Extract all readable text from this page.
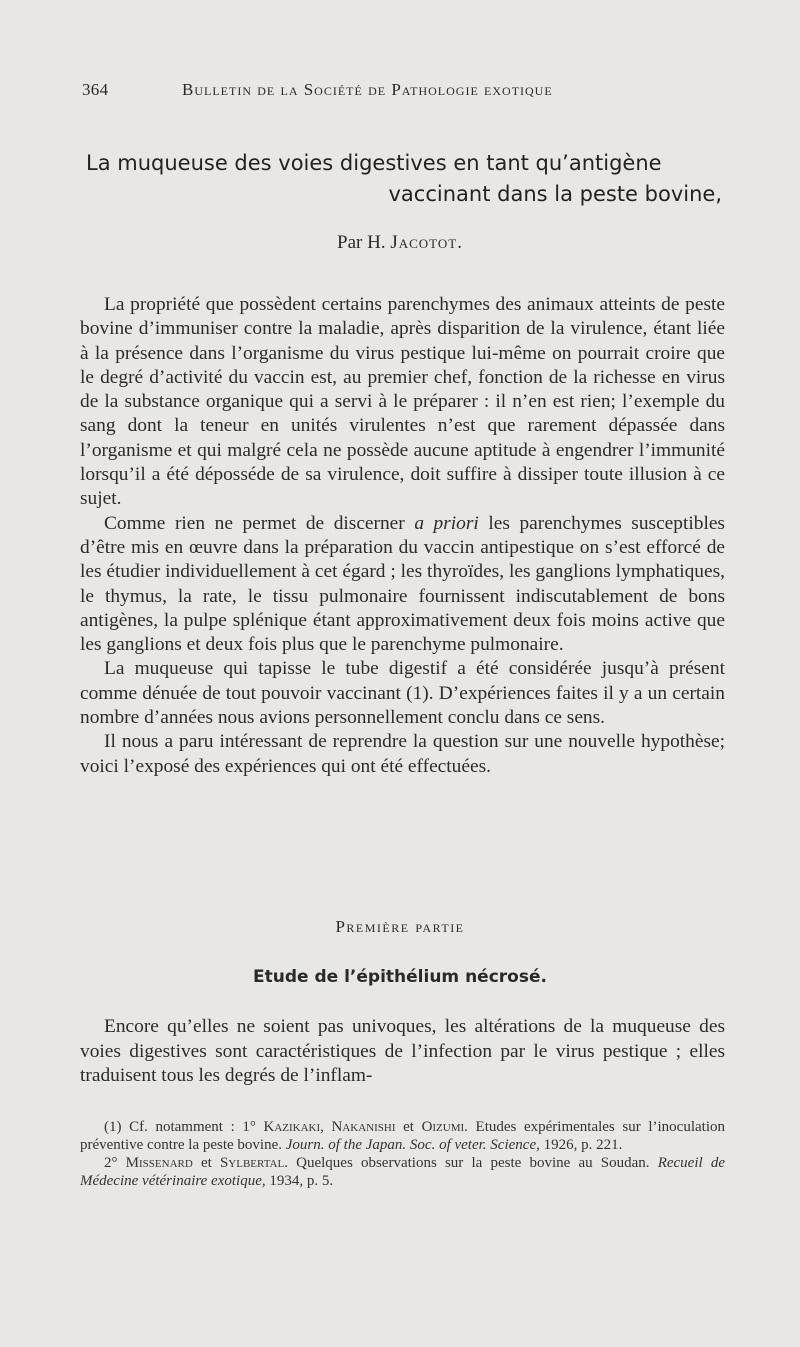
364	Bulletin de la Société de Pathologie exotique
La muqueuse des voies digestives en tant qu’antigène
vaccinant dans la peste bovine,
Par H. Jacotot.

La propriété que possèdent certains parenchymes des animaux atteints de peste bovine d’immuniser contre la maladie, après disparition de la virulence, étant liée à la présence dans l’organisme du virus pestique lui-même on pourrait croire que le degré d’activité du vaccin est, au premier chef, fonction de la richesse en virus de la substance organique qui a servi à le préparer : il n’en est rien; l’exemple du sang dont la teneur en unités virulentes n’est que rarement dépassée dans l’organisme et qui malgré cela ne possède aucune aptitude à engendrer l’immunité lorsqu’il a été déposséde de sa virulence, doit suffire à dissiper toute illusion à ce sujet.

Comme rien ne permet de discerner a priori les parenchymes susceptibles d’être mis en œuvre dans la préparation du vaccin antipestique on s’est efforcé de les étudier individuellement à cet égard ; les thyroïdes, les ganglions lymphatiques, le thymus, la rate, le tissu pulmonaire fournissent indiscutablement de bons antigènes, la pulpe splénique étant approximativement deux fois moins active que les ganglions et deux fois plus que le parenchyme pulmonaire.

La muqueuse qui tapisse le tube digestif a été considérée jusqu’à présent comme dénuée de tout pouvoir vaccinant (1). D’expériences faites il y a un certain nombre d’années nous avions personnellement conclu dans ce sens.

Il nous a paru intéressant de reprendre la question sur une nouvelle hypothèse; voici l’exposé des expériences qui ont été effectuées.

Première partie
Etude de l’épithélium nécrosé.

Encore qu’elles ne soient pas univoques, les altérations de la muqueuse des voies digestives sont caractéristiques de l’infection par le virus pestique ; elles traduisent tous les degrés de l’inflam-

(1) Cf. notamment : 1° Kazikaki, Nakanishi et Oizumi. Etudes expérimentales sur l’inoculation préventive contre la peste bovine. Journ. of the Japan. Soc. of veter. Science, 1926, p. 221.

2° Missenard et Sylbertal. Quelques observations sur la peste bovine au Soudan. Recueil de Médecine vétérinaire exotique, 1934, p. 5.
